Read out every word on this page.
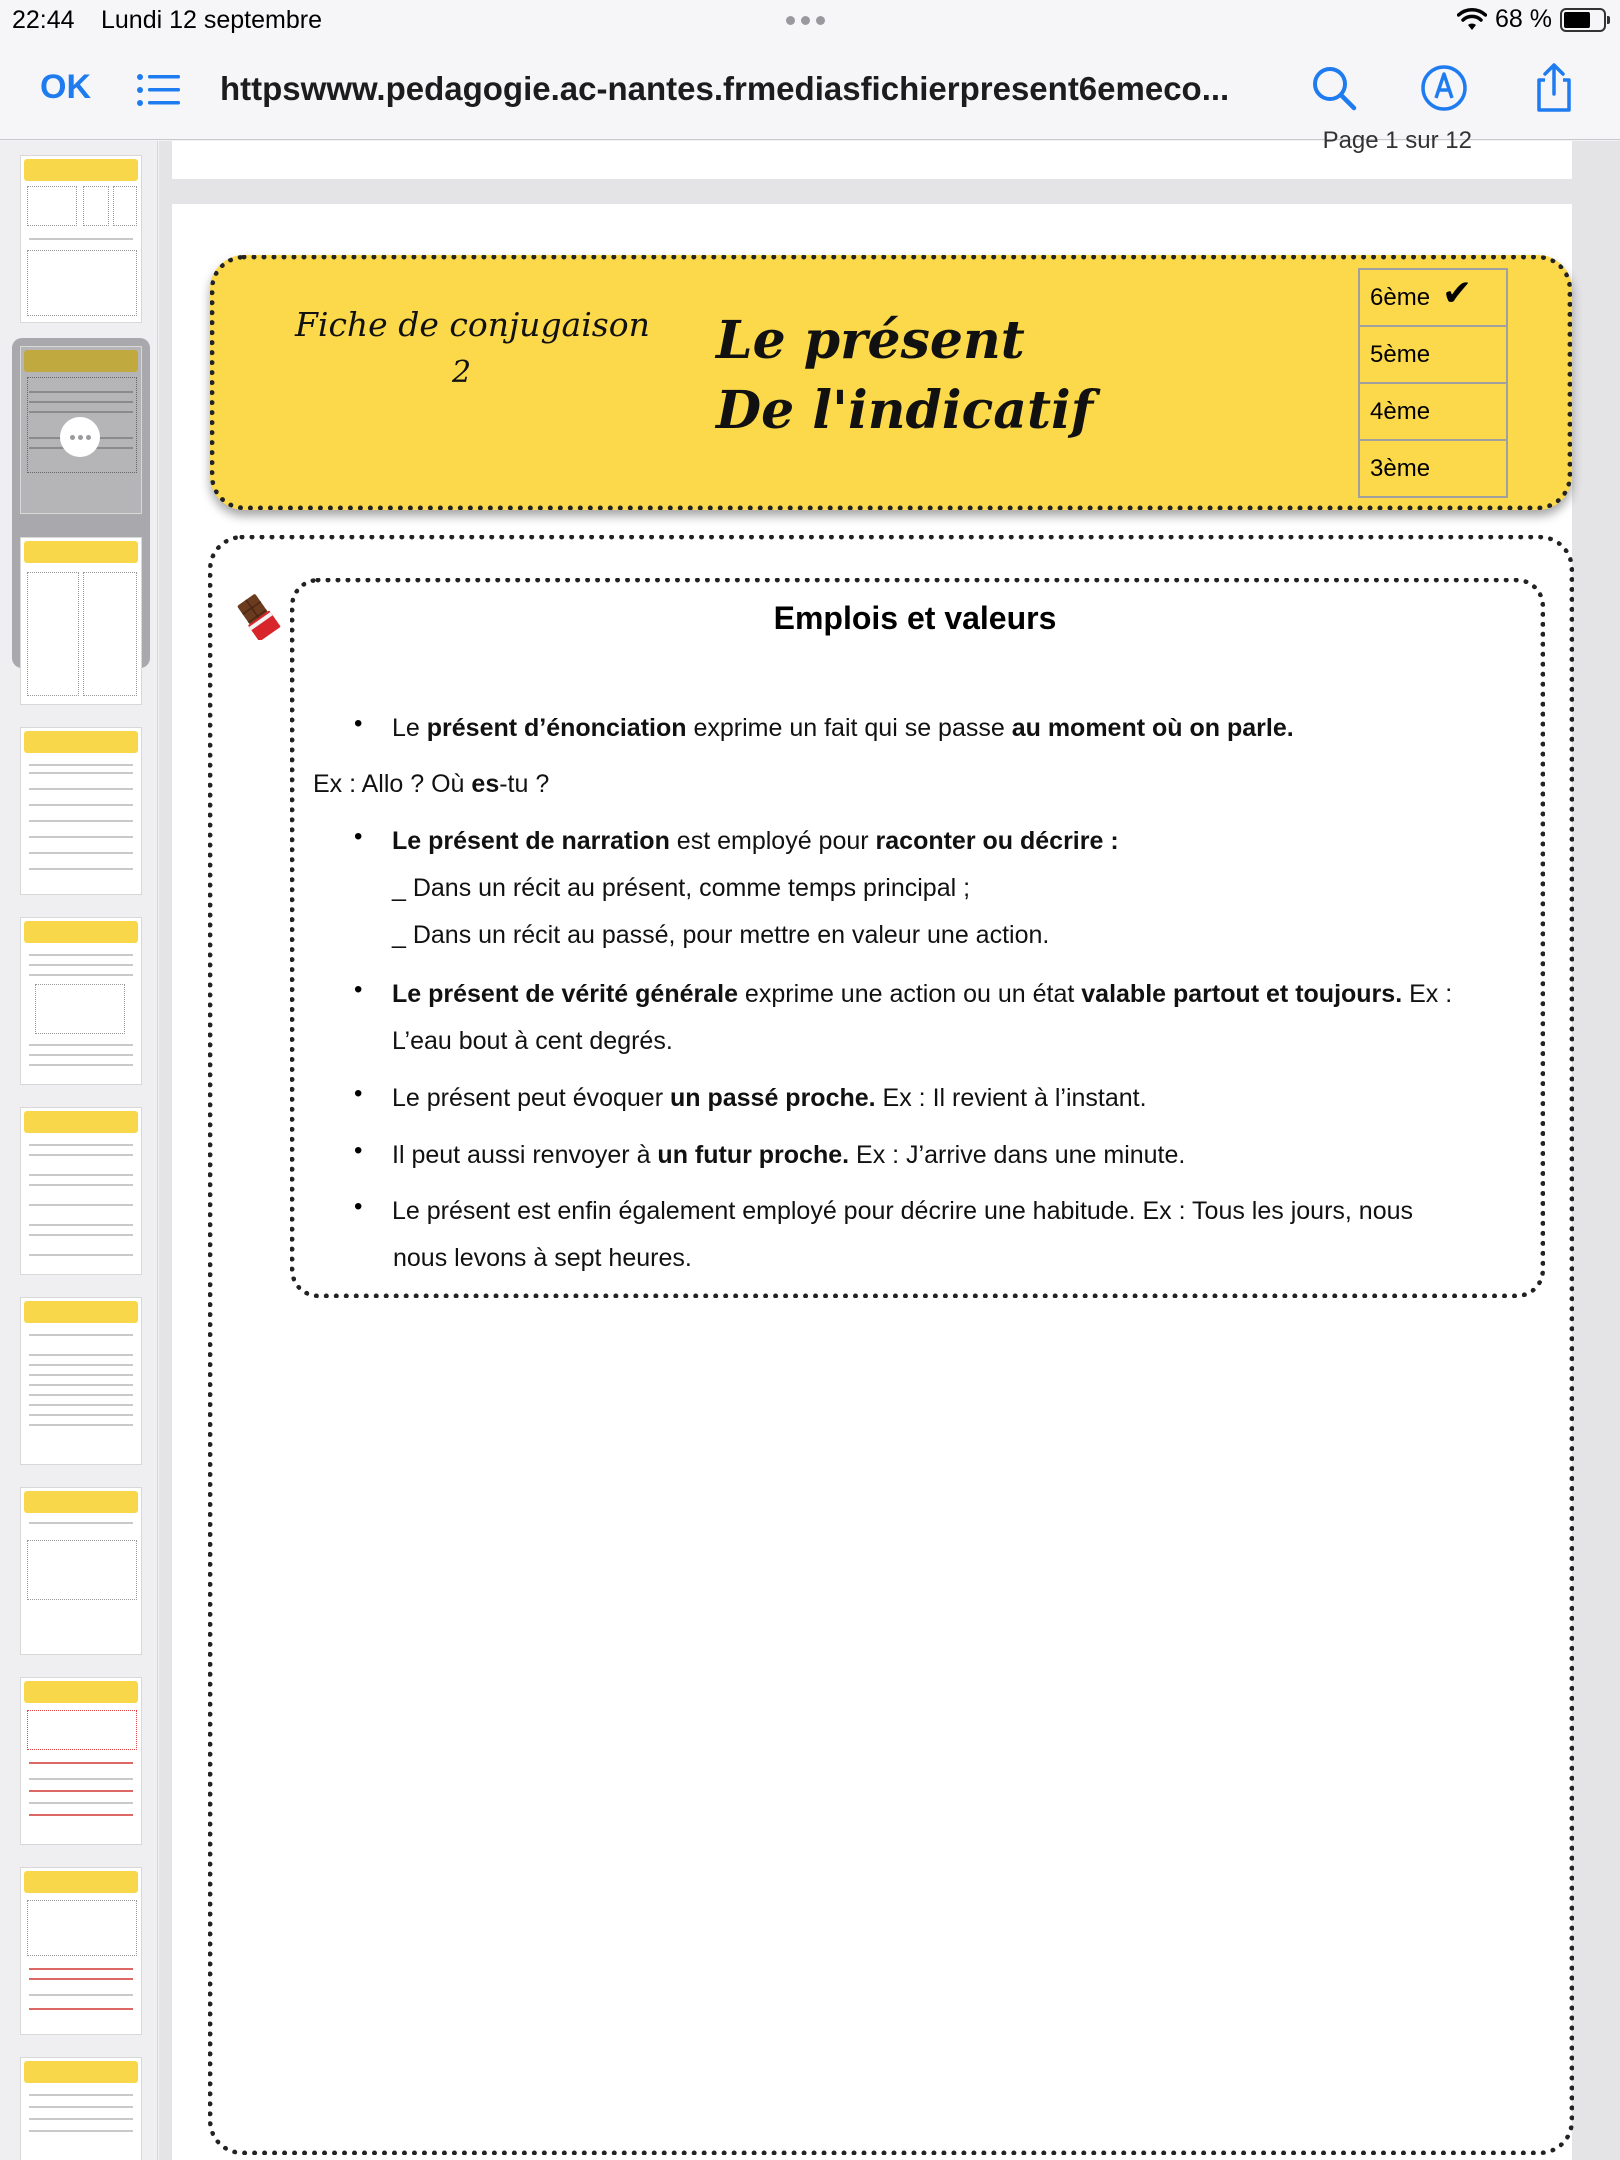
22:44 Lundi 12 septembre	68 %
OK	httpswww.pedagogie.ac-nantes.frmediasfichierpresent6emeco...
Page 1 sur 12
Fiche de conjugaison
2
Le présent
De l'indicatif
6ème ✔
5ème
4ème
3ème
Emplois et valeurs
• Le présent d’énonciation exprime un fait qui se passe au moment où on parle.
Ex : Allo ? Où es-tu ?
• Le présent de narration est employé pour raconter ou décrire :
_ Dans un récit au présent, comme temps principal ;
_ Dans un récit au passé, pour mettre en valeur une action.
• Le présent de vérité générale exprime une action ou un état valable partout et toujours. Ex :
L’eau bout à cent degrés.
• Le présent peut évoquer un passé proche. Ex : Il revient à l’instant.
• Il peut aussi renvoyer à un futur proche. Ex : J’arrive dans une minute.
• Le présent est enfin également employé pour décrire une habitude. Ex : Tous les jours, nous
nous levons à sept heures.
